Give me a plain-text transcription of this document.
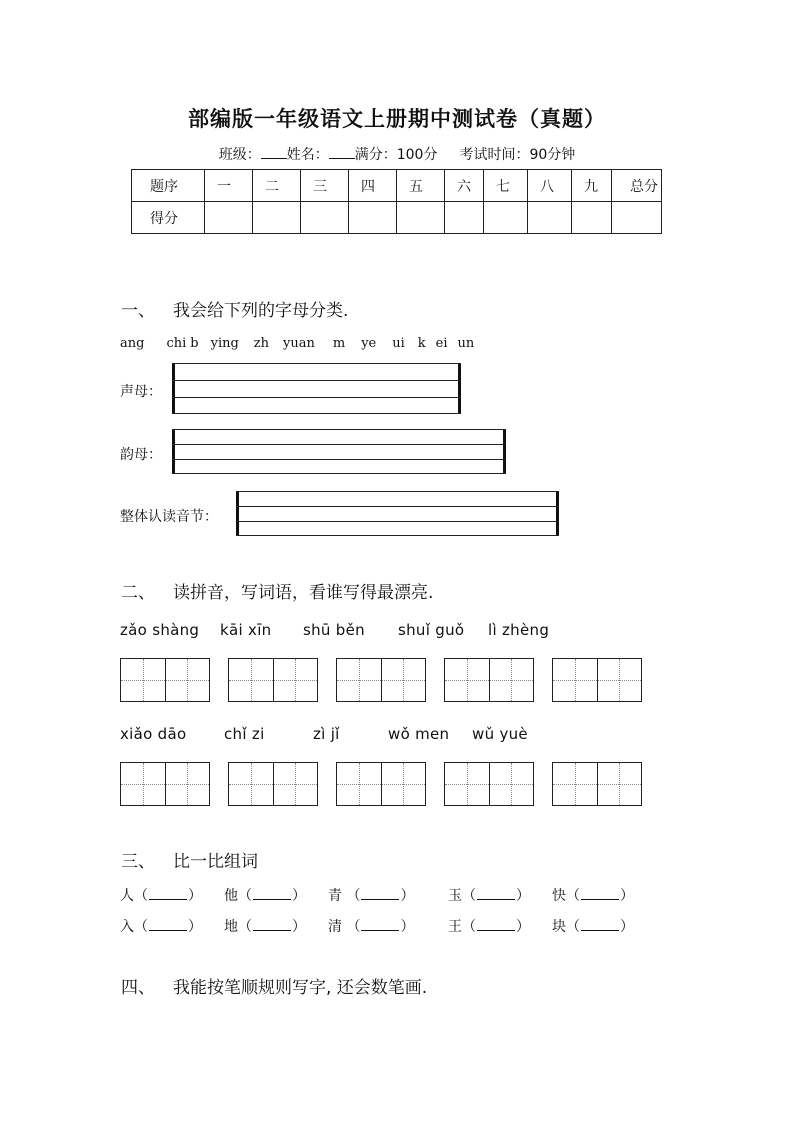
部编版一年级语文上册期中测试卷（真题）
班级： 姓名： 满分：100分 考试时间：90分钟
题序	一	二	三	四	五	六	七	八	九	总分
得分										
一、 我会给下列的字母分类.
ang chi b ying zh yuan m ye ui k ei un
声母：
韵母：
整体认读音节：
二、 读拼音，写词语，看谁写得最漂亮.
zǎo shàng kāi xīn shū běn shuǐ guǒ lì zhèng
xiǎo dāo	chǐ zi	zì jǐ	wǒ men wǔ yuè
三、 比一比组词
人（	） 他（	） 青 （	） 玉（	） 快（	）
入（	） 地（	） 清 （	） 王（	） 块（	）
四、 我能按笔顺规则写字, 还会数笔画.
